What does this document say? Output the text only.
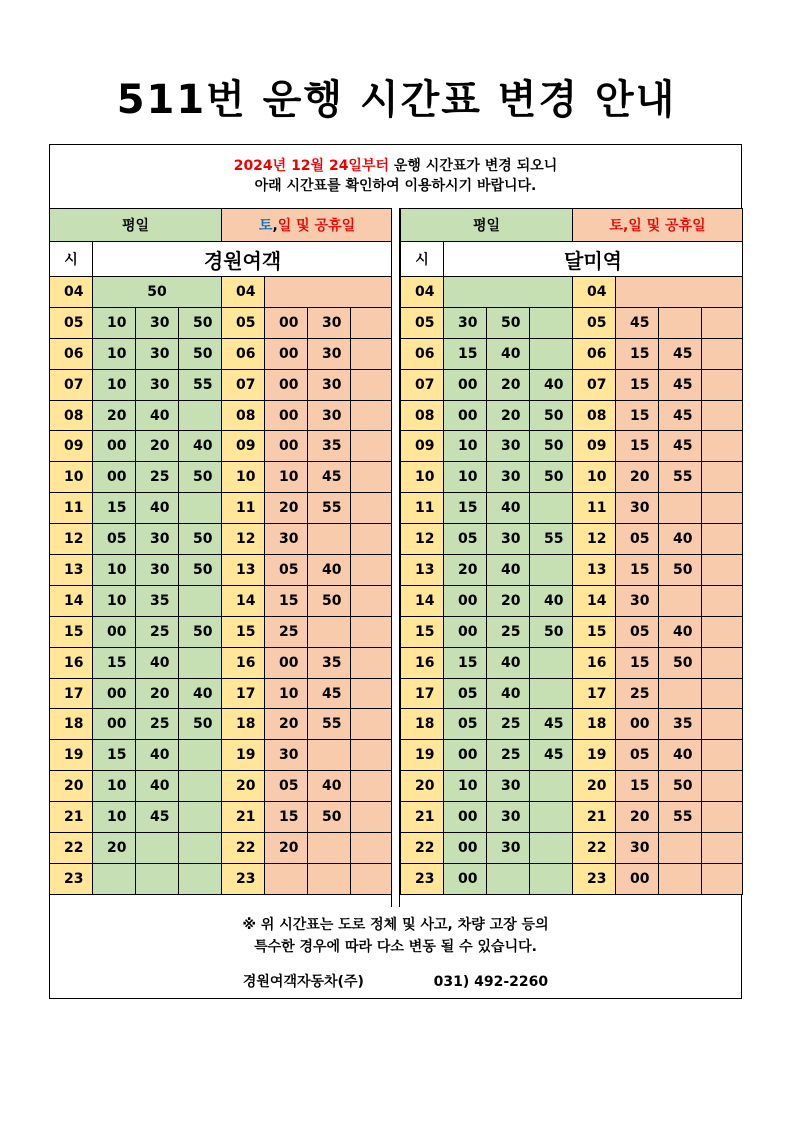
511번 운행 시간표 변경 안내
2024년 12월 24일부터 운행 시간표가 변경 되오니
아래 시간표를 확인하여 이용하시기 바랍니다.
평일				토,일 및 공휴일			
시	경원여객						
04	50			04			
05	10	30	50	05	00	30	
06	10	30	50	06	00	30	
07	10	30	55	07	00	30	
08	20	40		08	00	30	
09	00	20	40	09	00	35	
10	00	25	50	10	10	45	
11	15	40		11	20	55	
12	05	30	50	12	30		
13	10	30	50	13	05	40	
14	10	35		14	15	50	
15	00	25	50	15	25		
16	15	40		16	00	35	
17	00	20	40	17	10	45	
18	00	25	50	18	20	55	
19	15	40		19	30		
20	10	40		20	05	40	
21	10	45		21	15	50	
22	20			22	20		
23				23			
평일				토,일 및 공휴일			
시	달미역						
04				04			
05	30	50		05	45		
06	15	40		06	15	45	
07	00	20	40	07	15	45	
08	00	20	50	08	15	45	
09	10	30	50	09	15	45	
10	10	30	50	10	20	55	
11	15	40		11	30		
12	05	30	55	12	05	40	
13	20	40		13	15	50	
14	00	20	40	14	30		
15	00	25	50	15	05	40	
16	15	40		16	15	50	
17	05	40		17	25		
18	05	25	45	18	00	35	
19	00	25	45	19	05	40	
20	10	30		20	15	50	
21	00	30		21	20	55	
22	00	30		22	30		
23	00			23	00		
※ 위 시간표는 도로 정체 및 사고, 차량 고장 등의
특수한 경우에 따라 다소 변동 될 수 있습니다.
경원여객자동차(주)	031) 492-2260
